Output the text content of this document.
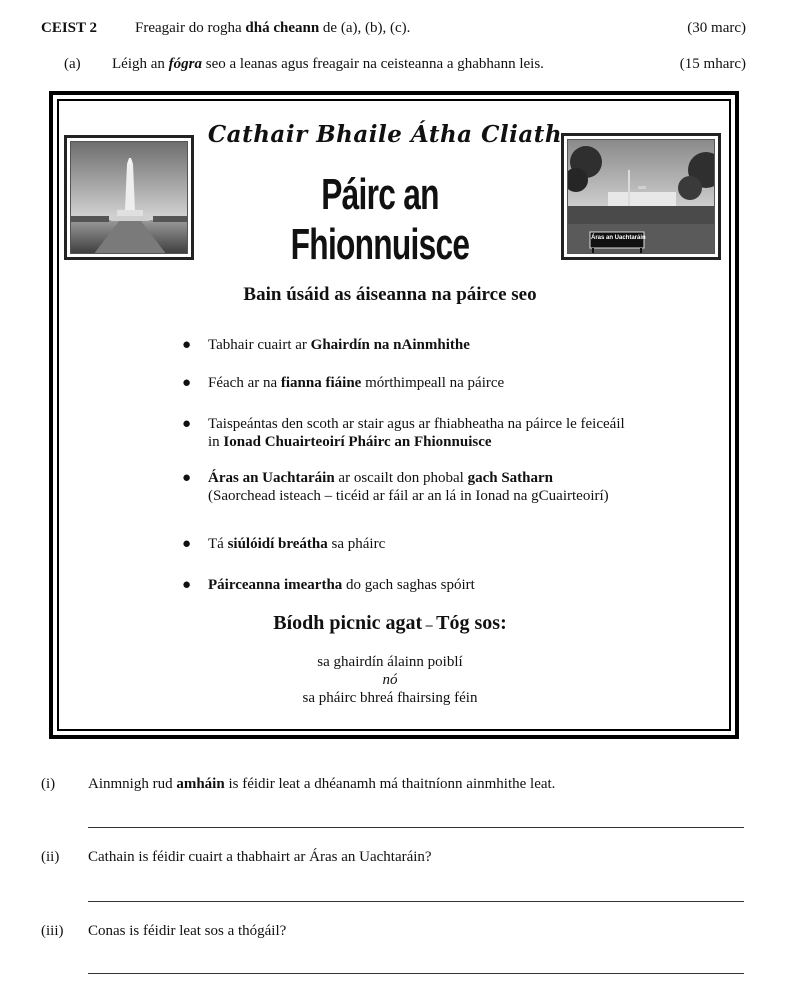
CEIST 2	Freagair do rogha dhá cheann de (a), (b), (c).	(30 marc)
(a) Léigh an fógra seo a leanas agus freagair na ceisteanna a ghabhann leis.	(15 mharc)
Áras an Uachtaráin
Cathair Bhaile Átha Cliath
Páirc an Fhionnuisce
Bain úsáid as áiseanna na páirce seo
● Tabhair cuairt ar Ghairdín na nAinmhithe
● Féach ar na fianna fiáine mórthimpeall na páirce
● Taispeántas den scoth ar stair agus ar fhiabheatha na páirce le feiceáil
in Ionad Chuairteoirí Pháirc an Fhionnuisce
● Áras an Uachtaráin ar oscailt don phobal gach Satharn
(Saorchead isteach – ticéid ar fáil ar an lá in Ionad na gCuairteoirí)
● Tá siúlóidí breátha sa pháirc
● Páirceanna imeartha do gach saghas spóirt
Bíodh picnic agat – Tóg sos:
sa ghairdín álainn poiblí
nó
sa pháirc bhreá fhairsing féin
(i) Ainmnigh rud amháin is féidir leat a dhéanamh má thaitníonn ainmhithe leat.
(ii) Cathain is féidir cuairt a thabhairt ar Áras an Uachtaráin?
(iii) Conas is féidir leat sos a thógáil?
